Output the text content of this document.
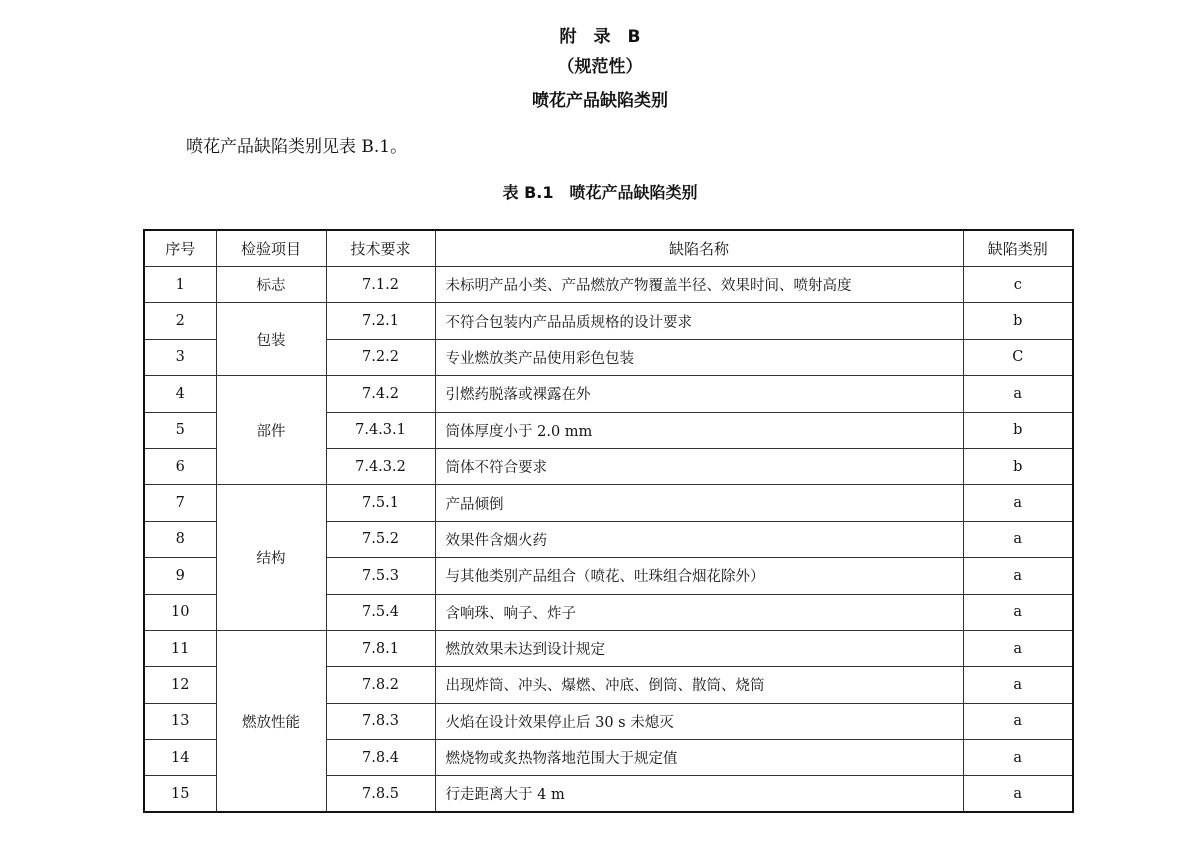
附　录　B
（规范性）
喷花产品缺陷类别
喷花产品缺陷类别见表 B.1。
表 B.1　喷花产品缺陷类别
序号	检验项目	技术要求	缺陷名称	缺陷类别
1	标志	7.1.2	未标明产品小类、产品燃放产物覆盖半径、效果时间、喷射高度	c
2	包装	7.2.1	不符合包装内产品品质规格的设计要求	b
3		7.2.2	专业燃放类产品使用彩色包装	C
4	部件	7.4.2	引燃药脱落或裸露在外	a
5		7.4.3.1	筒体厚度小于 2.0 mm	b
6		7.4.3.2	筒体不符合要求	b
7	结构	7.5.1	产品倾倒	a
8		7.5.2	效果件含烟火药	a
9		7.5.3	与其他类别产品组合（喷花、吐珠组合烟花除外）	a
10		7.5.4	含响珠、响子、炸子	a
11	燃放性能	7.8.1	燃放效果未达到设计规定	a
12		7.8.2	出现炸筒、冲头、爆燃、冲底、倒筒、散筒、烧筒	a
13		7.8.3	火焰在设计效果停止后 30 s 未熄灭	a
14		7.8.4	燃烧物或炙热物落地范围大于规定值	a
15		7.8.5	行走距离大于 4 m	a
